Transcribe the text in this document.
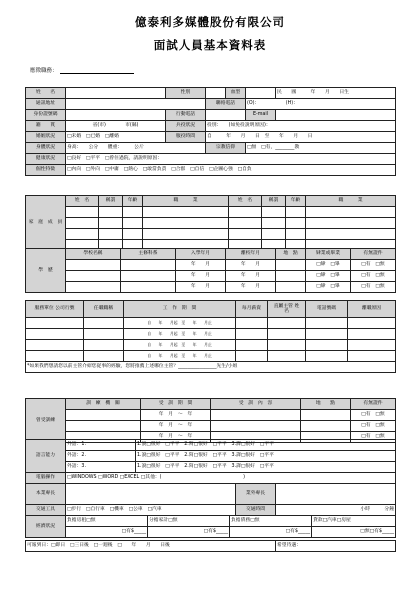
億泰利多媒體股份有限公司
面試人員基本資料表
應徵職務：
姓　　名		性別		血型		民　　國　　　年　　月　　日生
通訊地址			聯絡電話		(O)：　　　　　　 (H)：	
身份證號碼		行動電話			E-mail	
籍　　貫	省(市)　　　　市(縣)	兵役狀況	役別：　　(如免役說明原因)：			
婚姻狀況	□未婚　□已婚　□離婚	服役時間	自　　　年　　月　　日　至　　年　　月　　日			
身體狀況	身高：　　公分　　體重：　　　公斤		宗教信仰		□無　□有，________教	
健康狀況	□良好　□平平　□曾住過院，請說明原因：					
個性特徵	□內向　□外向　□中庸　□熱心　□敢當負責　□合群　□自信　□企圖心強　□自負					
家　庭　成　員	姓　名	稱謂	年齡	職　　　業	姓　名	稱謂	年齡	職　　　業

學　歷	學校名稱	主修科系	入學年月	離校年月	地　點	肄業或畢業	有無證件
			年　　月	年　　月		□肄　□畢	□有　□無
			年　　月	年　　月		□肄　□畢	□有　□無
			年　　月	年　　月		□肄　□畢	□有　□無
服務單位 公司行號	任職職稱	工　作　期　間	每月薪資	直屬主管 姓　名	電話號碼	離職原因
		自　　年　　月起　至　　年　　月止				
		自　　年　　月起　至　　年　　月止				
		自　　年　　月起　至　　年　　月止				
		自　　年　　月起　至　　年　　月止				
*如果我們想請您以前主管介紹您從事的經驗，您將推薦上述哪位主管？________________先生/小姐						
曾受訓練	訓　練　機　關	受　訓　期　間	受　訓　內　容	地　　點	有無證件
		年　月　～　年			□有　□無
		年　月　～　年			□有　□無
		年　月　～　年			□有　□無
語言能力	外語：1.	1.說□很好　□平平　2.寫□很好　□平平　3.譯□很好　□平平
	外語：2.	1.說□很好　□平平　2.寫□很好　□平平　3.譯□很好　□平平
	外語：3.	1.說□很好　□平平　2.寫□很好　□平平　3.譯□很好　□平平
電腦操作	□WINDOWS □WORD □EXCEL □其他：(　　　　　　　　　　　　　　　　　)	
本業專長		業外專長	
交通工具	□步行　□自行車　□機車　□公車　□汽車	交通時間	小時　　　分鐘
經濟狀況	負擔房租□無	分擔家計□無	負擔債務□無	貸款□汽車□房屋
	□有$_____	□有$_____	□有$_____	□無□有$_____
可報到日：□即日　□三日後　□一週後　□　　年　　月　　日後	希望待遇：
